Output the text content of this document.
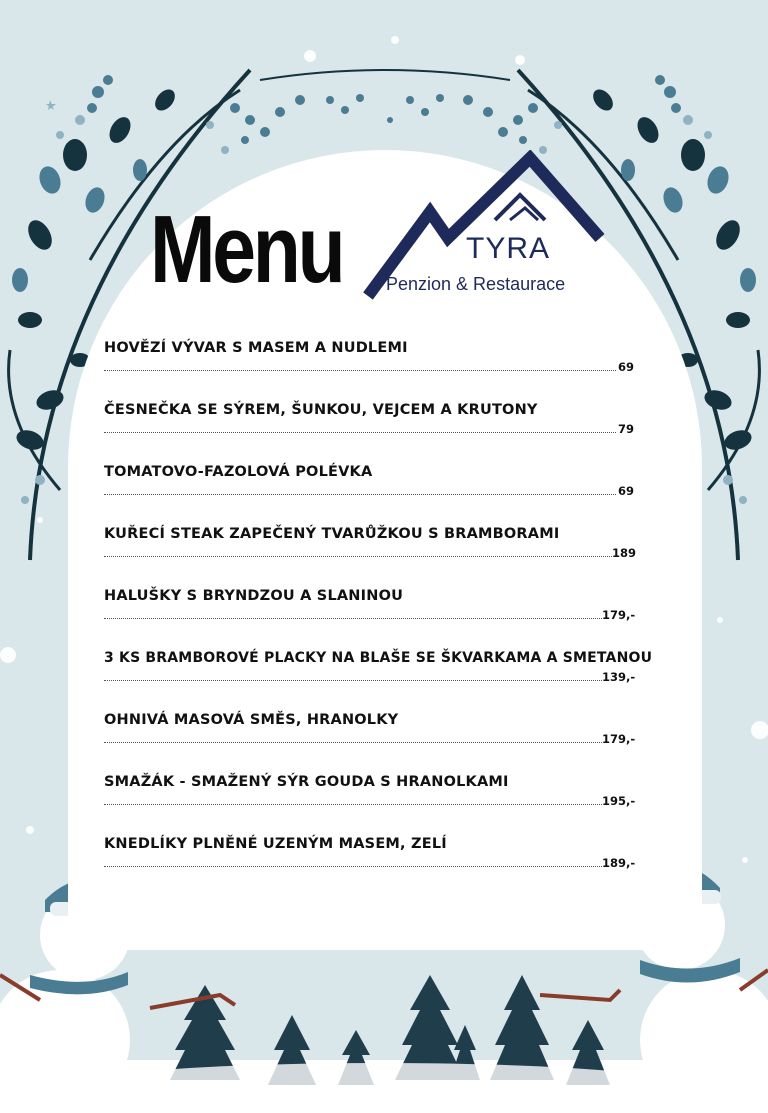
Menu	TYRA
Penzion & Restaurace
HOVĚZÍ VÝVAR S MASEM A NUDLEMI
69
ČESNEČKA SE SÝREM, ŠUNKOU, VEJCEM A KRUTONY
79
TOMATOVO-FAZOLOVÁ POLÉVKA
69
KUŘECÍ STEAK ZAPEČENÝ TVARŮŽKOU S BRAMBORAMI
189
HALUŠKY S BRYNDZOU A SLANINOU
179,-
3 KS BRAMBOROVÉ PLACKY NA BLAŠE SE ŠKVARKAMA A SMETANOU
139,-
OHNIVÁ MASOVÁ SMĚS, HRANOLKY
179,-
SMAŽÁK - SMAŽENÝ SÝR GOUDA S HRANOLKAMI
195,-
KNEDLÍKY PLNĚNÉ UZENÝM MASEM, ZELÍ
189,-
